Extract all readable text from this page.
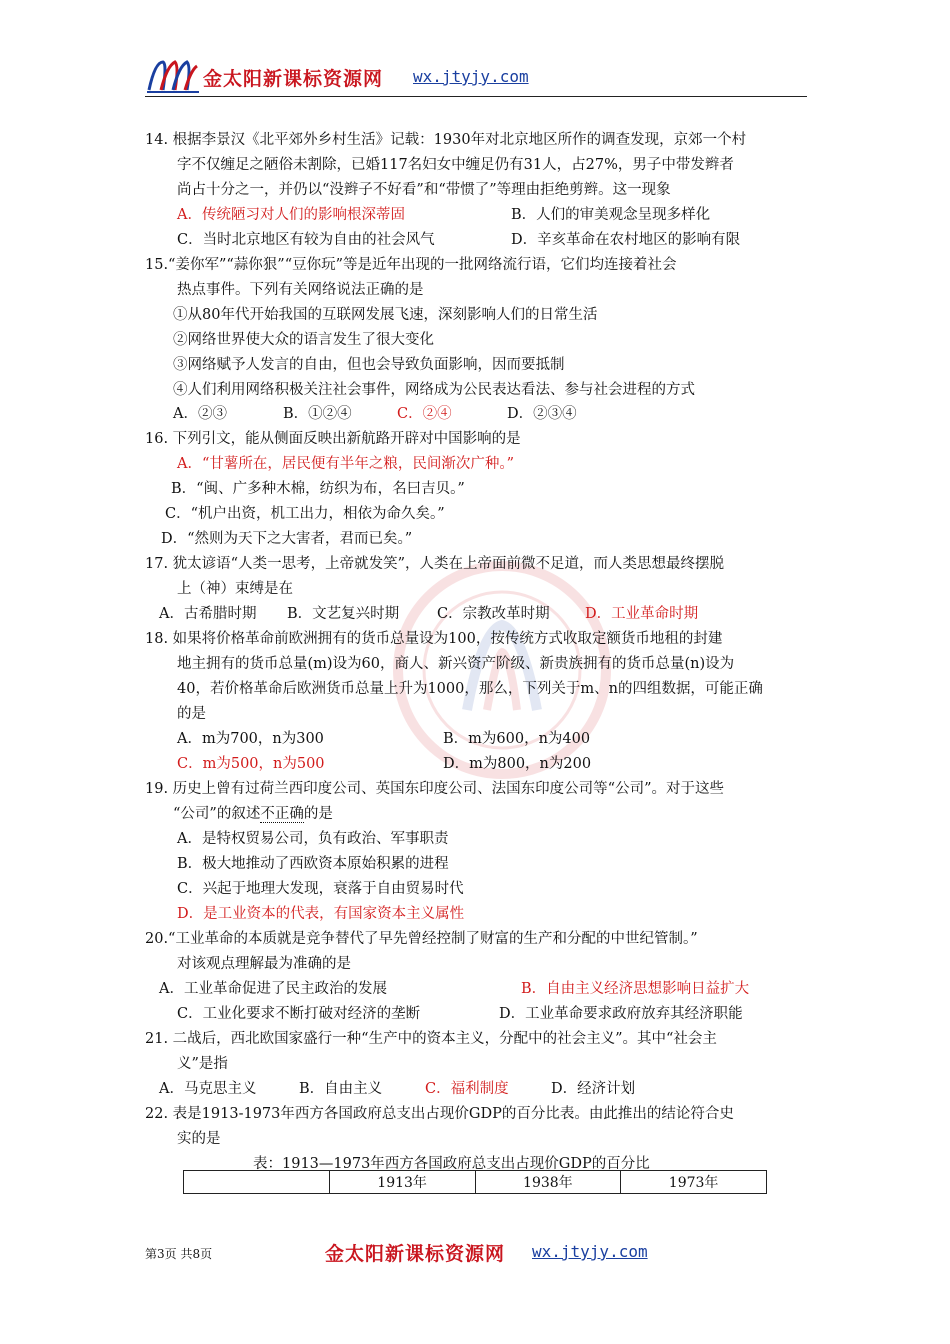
金太阳新课标资源网 wx.jtyjy.com
14. 根据李景汉《北平郊外乡村生活》记载：1930年对北京地区所作的调查发现，京郊一个村
字不仅缠足之陋俗未割除，已婚117名妇女中缠足仍有31人，占27%，男子中带发辫者
尚占十分之一，并仍以“没辫子不好看”和“带惯了”等理由拒绝剪辫。这一现象
A．传统陋习对人们的影响根深蒂固	B．人们的审美观念呈现多样化
C．当时北京地区有较为自由的社会风气	D．辛亥革命在农村地区的影响有限
15.“姜你军”“蒜你狠”“豆你玩”等是近年出现的一批网络流行语，它们均连接着社会
热点事件。下列有关网络说法正确的是
①从80年代开始我国的互联网发展飞速，深刻影响人们的日常生活
②网络世界使大众的语言发生了很大变化
③网络赋予人发言的自由，但也会导致负面影响，因而要抵制
④人们利用网络积极关注社会事件，网络成为公民表达看法、参与社会进程的方式
A．②③	B．①②④	C．②④	D．②③④
16. 下列引文，能从侧面反映出新航路开辟对中国影响的是
A．“甘薯所在，居民便有半年之粮，民间渐次广种。”
B．“闽、广多种木棉，纺织为布，名曰吉贝。”
C．“机户出资，机工出力，相依为命久矣。”
D．“然则为天下之大害者，君而已矣。”
17. 犹太谚语“人类一思考，上帝就发笑”，人类在上帝面前微不足道，而人类思想最终摆脱
上（神）束缚是在
A．古希腊时期 B．文艺复兴时期	C．宗教改革时期 D．工业革命时期
18. 如果将价格革命前欧洲拥有的货币总量设为100，按传统方式收取定额货币地租的封建
地主拥有的货币总量(m)设为60，商人、新兴资产阶级、新贵族拥有的货币总量(n)设为
40，若价格革命后欧洲货币总量上升为1000，那么，下列关于m、n的四组数据，可能正确
的是
A．m为700，n为300	B．m为600，n为400
C．m为500，n为500	D．m为800，n为200
19. 历史上曾有过荷兰西印度公司、英国东印度公司、法国东印度公司等“公司”。对于这些
“公司”的叙述不正确的是
A．是特权贸易公司，负有政治、军事职责
B．极大地推动了西欧资本原始积累的进程
C．兴起于地理大发现，衰落于自由贸易时代
D．是工业资本的代表，有国家资本主义属性
20.“工业革命的本质就是竞争替代了早先曾经控制了财富的生产和分配的中世纪管制。”
对该观点理解最为准确的是
A．工业革命促进了民主政治的发展	B．自由主义经济思想影响日益扩大
C．工业化要求不断打破对经济的垄断	D．工业革命要求政府放弃其经济职能
21. 二战后，西北欧国家盛行一种“生产中的资本主义，分配中的社会主义”。其中“社会主
义”是指
A．马克思主义	B．自由主义	C．福利制度	D．经济计划
22. 表是1913-1973年西方各国政府总支出占现价GDP的百分比表。由此推出的结论符合史
实的是
表：1913—1973年西方各国政府总支出占现价GDP的百分比
	1913年	1938年	1973年
第3页 共8页	金太阳新课标资源网 wx.jtyjy.com
